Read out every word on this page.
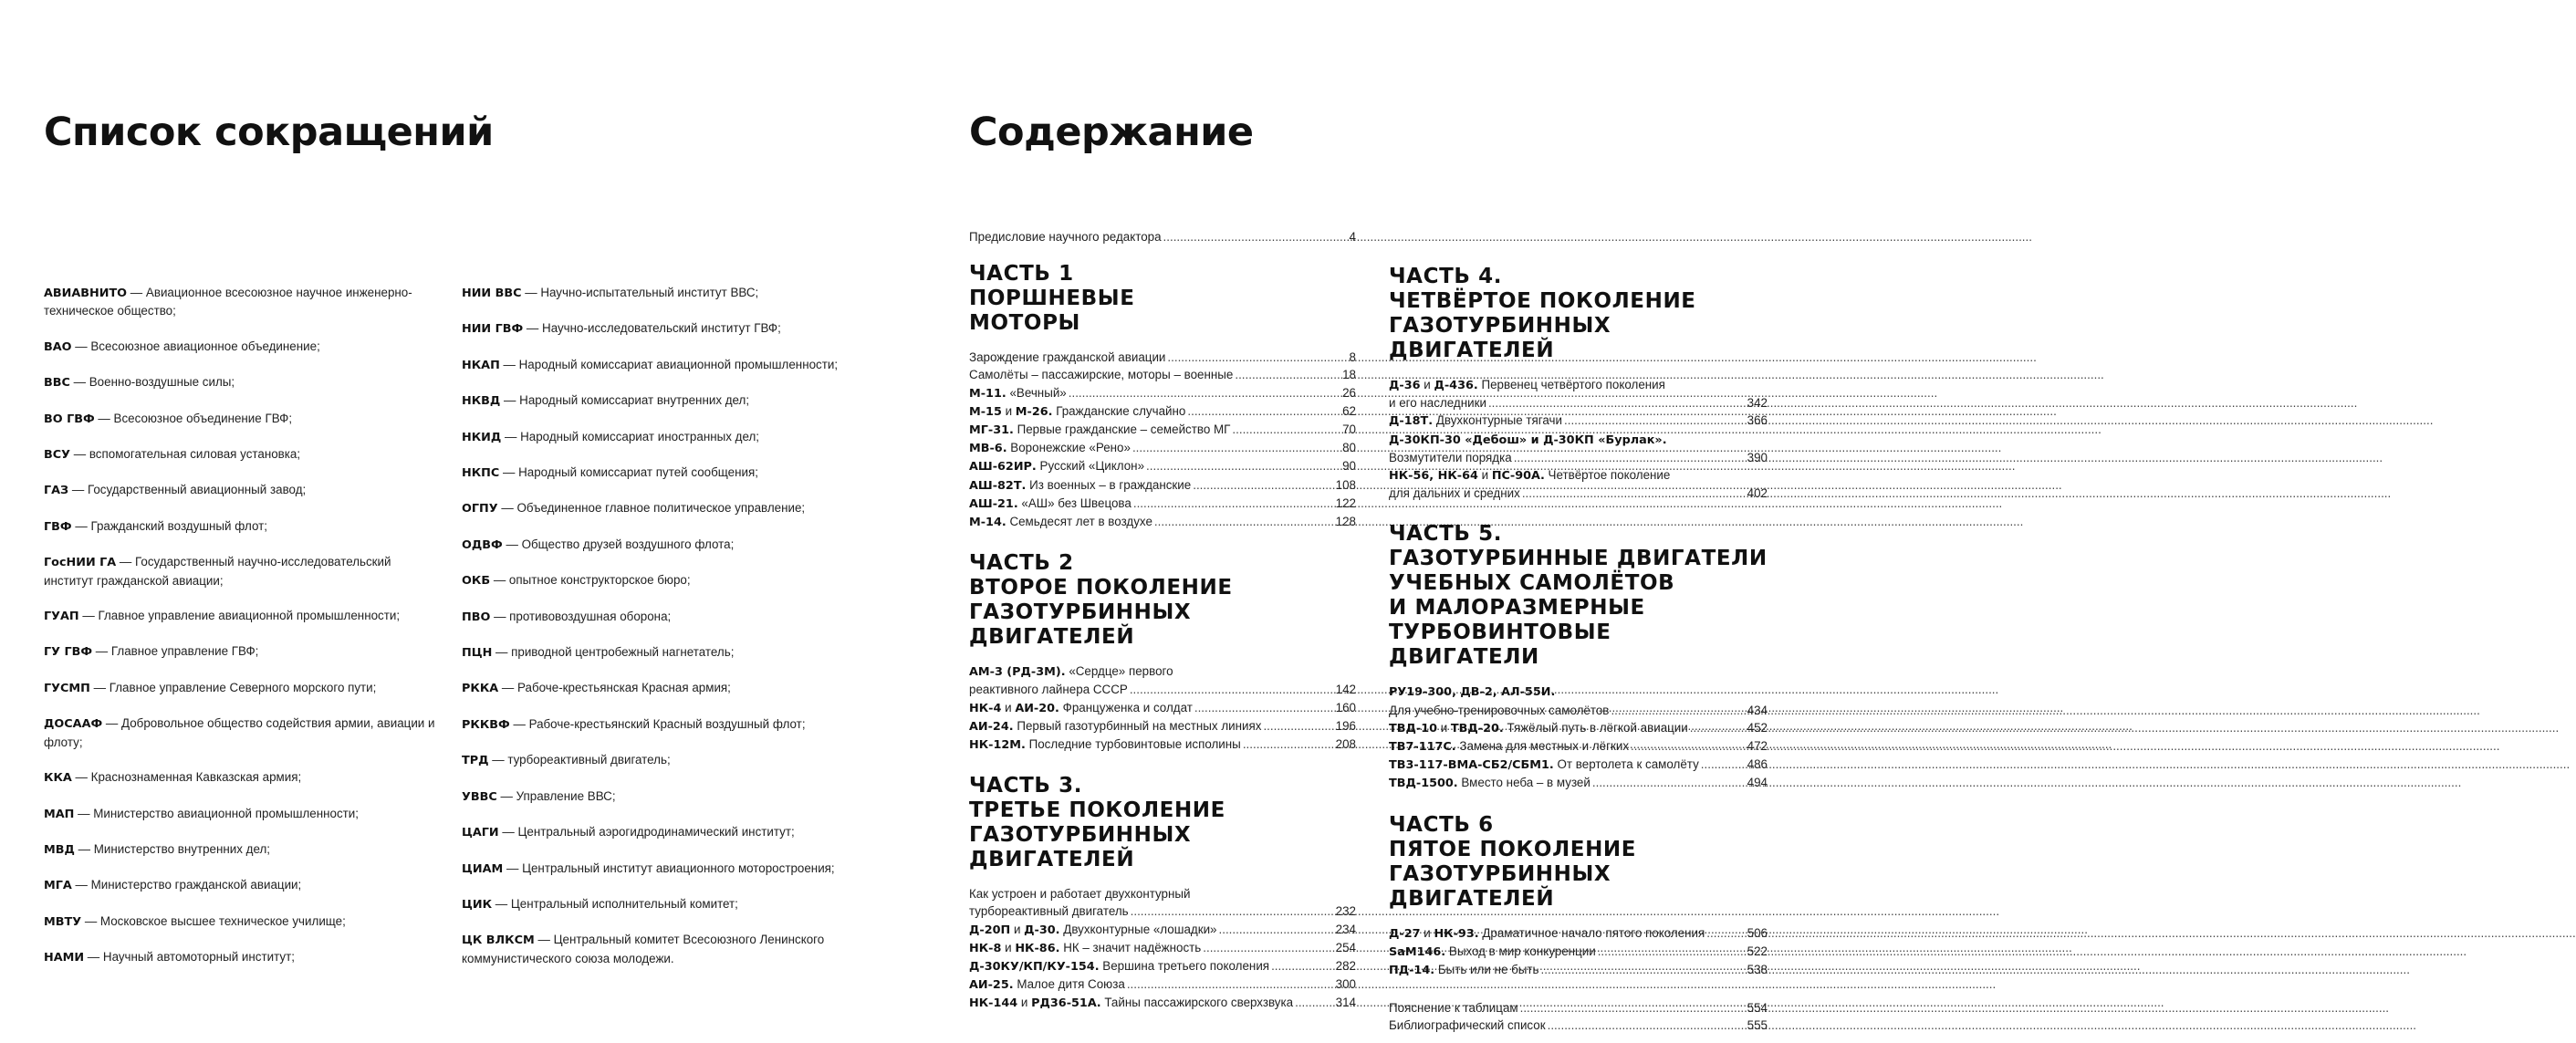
Список сокращений	Содержание
АВИАВНИТО — Авиационное всесоюзное научное инженерно-техническое общество;
ВАО — Всесоюзное авиационное объединение;
ВВС — Военно-воздушные силы;
ВО ГВФ — Всесоюзное объединение ГВФ;
ВСУ — вспомогательная силовая установка;
ГАЗ — Государственный авиационный завод;
ГВФ — Гражданский воздушный флот;
ГосНИИ ГА — Государственный научно-исследовательский институт гражданской авиации;
ГУАП — Главное управление авиационной промышленности;
ГУ ГВФ — Главное управление ГВФ;
ГУСМП — Главное управление Северного морского пути;
ДОСААФ — Добровольное общество содействия армии, авиации и флоту;
ККА — Краснознаменная Кавказская армия;
МАП — Министерство авиационной промышленности;
МВД — Министерство внутренних дел;
МГА — Министерство гражданской авиации;
МВТУ — Московское высшее техническое училище;
НАМИ — Научный автомоторный институт;
НИИ ВВС — Научно-испытательный институт ВВС;
НИИ ГВФ — Научно-исследовательский институт ГВФ;
НКАП — Народный комиссариат авиационной промышленности;
НКВД — Народный комиссариат внутренних дел;
НКИД — Народный комиссариат иностранных дел;
НКПС — Народный комиссариат путей сообщения;
ОГПУ — Объединенное главное политическое управление;
ОДВФ — Общество друзей воздушного флота;
ОКБ — опытное конструкторское бюро;
ПВО — противовоздушная оборона;
ПЦН — приводной центробежный нагнетатель;
РККА — Рабоче-крестьянская Красная армия;
РККВФ — Рабоче-крестьянский Красный воздушный флот;
ТРД — турбореактивный двигатель;
УВВС — Управление ВВС;
ЦАГИ — Центральный аэрогидродинамический институт;
ЦИАМ — Центральный институт авиационного моторостроения;
ЦИК — Центральный исполнительный комитет;
ЦК ВЛКСМ — Центральный комитет Всесоюзного Ленинского коммунистического союза молодежи.
Предисловие научного редактора .....	4
ЧАСТЬ 1
ПОРШНЕВЫЕ
МОТОРЫ
Зарождение гражданской авиации .....	8
Самолёты – пассажирские, моторы – военные .....	18
М-11. «Вечный» .....	26
М-15 и М-26. Гражданские случайно .....	62
МГ-31. Первые гражданские – семейство МГ .....	70
МВ-6. Воронежские «Рено» .....	80
АШ-62ИР. Русский «Циклон» .....	90
АШ-82Т. Из военных – в гражданские .....	108
АШ-21. «АШ» без Швецова .....	122
М-14. Семьдесят лет в воздухе .....	128
ЧАСТЬ 2
ВТОРОЕ ПОКОЛЕНИЕ
ГАЗОТУРБИННЫХ ДВИГАТЕЛЕЙ
АМ-3 (РД-3М). «Сердце» первого
реактивного лайнера СССР .....	142
НК-4 и АИ-20. Француженка и солдат .....	160
АИ-24. Первый газотурбинный на местных линиях .....	196
НК-12М. Последние турбовинтовые исполины .....	208
ЧАСТЬ 3.
ТРЕТЬЕ ПОКОЛЕНИЕ
ГАЗОТУРБИННЫХ ДВИГАТЕЛЕЙ
Как устроен и работает двухконтурный
турбореактивный двигатель .....	232
Д-20П и Д-30. Двухконтурные «лошадки» .....	234
НК-8 и НК-86. НК – значит надёжность .....	254
Д-30КУ/КП/КУ-154. Вершина третьего поколения .....	282
АИ-25. Малое дитя Союза .....	300
НК-144 и РД36-51А. Тайны пассажирского сверхзвука .....	314
ЧАСТЬ 4.
ЧЕТВЁРТОЕ ПОКОЛЕНИЕ
ГАЗОТУРБИННЫХ ДВИГАТЕЛЕЙ
Д-36 и Д-436. Первенец четвёртого поколения
и его наследники .....	342
Д-18Т. Двухконтурные тягачи .....	366
Д-30КП-30 «Дебош» и Д-30КП «Бурлак».
Возмутители порядка .....	390
НК-56, НК-64 и ПС-90А. Четвёртое поколение
для дальних и средних .....	402
ЧАСТЬ 5.
ГАЗОТУРБИННЫЕ ДВИГАТЕЛИ
УЧЕБНЫХ САМОЛЁТОВ
И МАЛОРАЗМЕРНЫЕ
ТУРБОВИНТОВЫЕ ДВИГАТЕЛИ
РУ19-300, ДВ-2, АЛ-55И.
Для учебно-тренировочных самолётов .....	434
ТВД-10 и ТВД-20. Тяжёлый путь в лёгкой авиации .....	452
ТВ7-117С. Замена для местных и лёгких .....	472
ТВ3-117-ВМА-СБ2/СБМ1. От вертолета к самолёту .....	486
ТВД-1500. Вместо неба – в музей .....	494
ЧАСТЬ 6
ПЯТОЕ ПОКОЛЕНИЕ
ГАЗОТУРБИННЫХ ДВИГАТЕЛЕЙ
Д-27 и НК-93. Драматичное начало пятого поколения .....	506
SaM146. Выход в мир конкуренции .....	522
ПД-14. Быть или не быть .....	538
Пояснение к таблицам .....	554
Библиографический список .....	555
